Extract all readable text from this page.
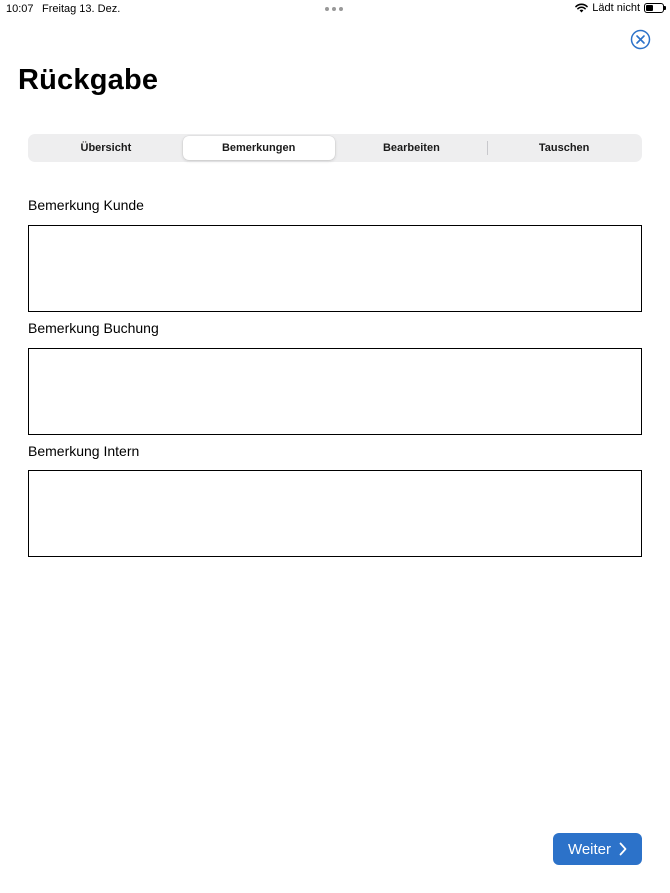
10:07 Freitag 13. Dez.	Lädt nicht
Rückgabe
Übersicht	Bemerkungen	Bearbeiten	Tauschen

Bemerkung Kunde

Bemerkung Buchung

Bemerkung Intern

Weiter
